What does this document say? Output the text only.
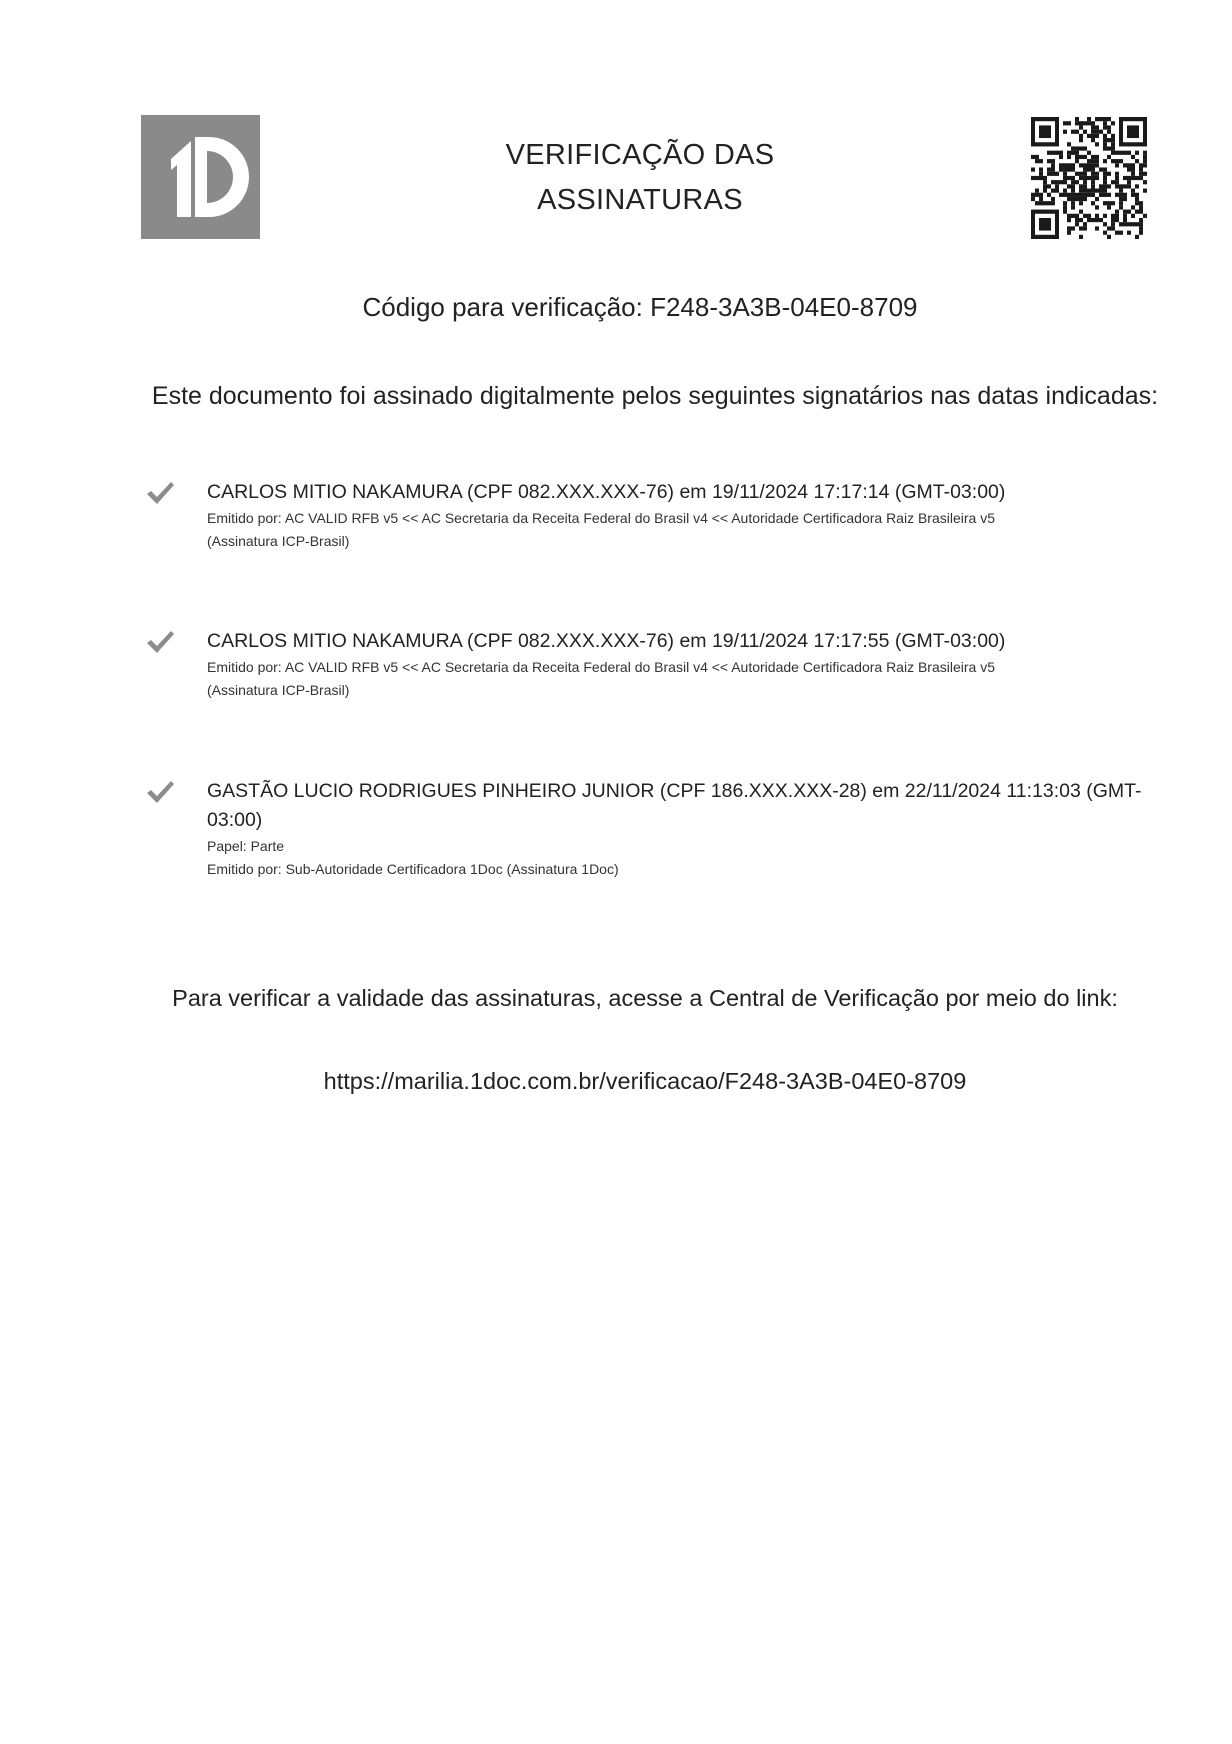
VERIFICAÇÃO DAS
ASSINATURAS
Código para verificação: F248-3A3B-04E0-8709
Este documento foi assinado digitalmente pelos seguintes signatários nas datas indicadas:
CARLOS MITIO NAKAMURA (CPF 082.XXX.XXX-76) em 19/11/2024 17:17:14 (GMT-03:00)
Emitido por: AC VALID RFB v5 << AC Secretaria da Receita Federal do Brasil v4 << Autoridade Certificadora Raiz Brasileira v5
(Assinatura ICP-Brasil)
CARLOS MITIO NAKAMURA (CPF 082.XXX.XXX-76) em 19/11/2024 17:17:55 (GMT-03:00)
Emitido por: AC VALID RFB v5 << AC Secretaria da Receita Federal do Brasil v4 << Autoridade Certificadora Raiz Brasileira v5
(Assinatura ICP-Brasil)
GASTÃO LUCIO RODRIGUES PINHEIRO JUNIOR (CPF 186.XXX.XXX-28) em 22/11/2024 11:13:03 (GMT-03:00)
Papel: Parte
Emitido por: Sub-Autoridade Certificadora 1Doc (Assinatura 1Doc)
Para verificar a validade das assinaturas, acesse a Central de Verificação por meio do link:
https://marilia.1doc.com.br/verificacao/F248-3A3B-04E0-8709
